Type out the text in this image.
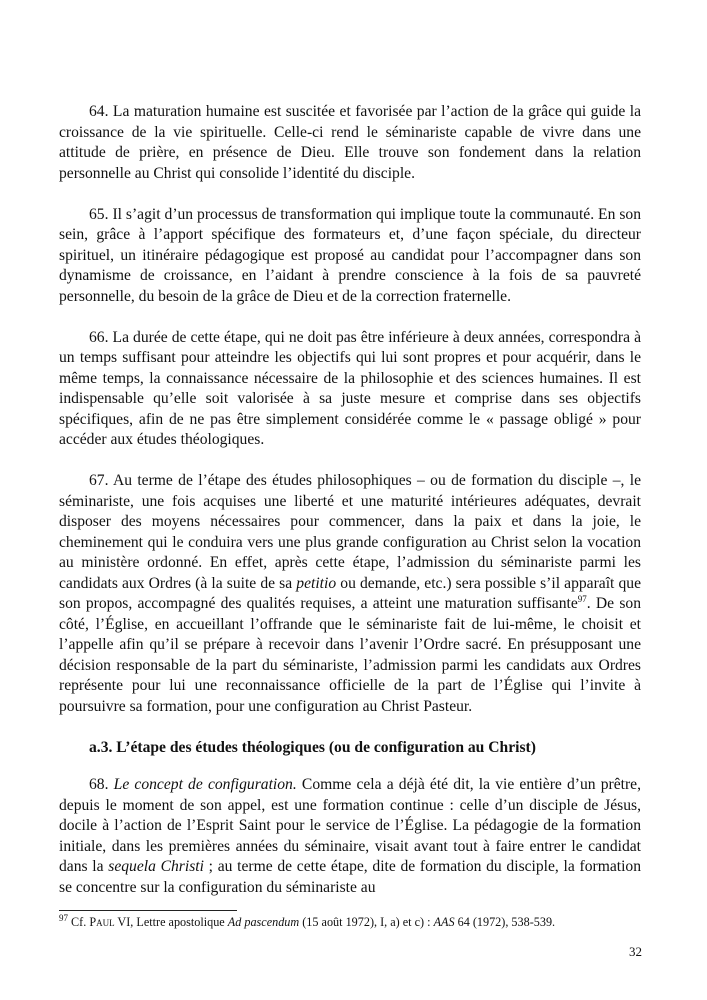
64. La maturation humaine est suscitée et favorisée par l’action de la grâce qui guide la croissance de la vie spirituelle. Celle-ci rend le séminariste capable de vivre dans une attitude de prière, en présence de Dieu. Elle trouve son fondement dans la relation personnelle au Christ qui consolide l’identité du disciple.

65. Il s’agit d’un processus de transformation qui implique toute la communauté. En son sein, grâce à l’apport spécifique des formateurs et, d’une façon spéciale, du directeur spirituel, un itinéraire pédagogique est proposé au candidat pour l’accompagner dans son dynamisme de croissance, en l’aidant à prendre conscience à la fois de sa pauvreté personnelle, du besoin de la grâce de Dieu et de la correction fraternelle.

66. La durée de cette étape, qui ne doit pas être inférieure à deux années, correspondra à un temps suffisant pour atteindre les objectifs qui lui sont propres et pour acquérir, dans le même temps, la connaissance nécessaire de la philosophie et des sciences humaines. Il est indispensable qu’elle soit valorisée à sa juste mesure et comprise dans ses objectifs spécifiques, afin de ne pas être simplement considérée comme le « passage obligé » pour accéder aux études théologiques.

67. Au terme de l’étape des études philosophiques – ou de formation du disciple –, le séminariste, une fois acquises une liberté et une maturité intérieures adéquates, devrait disposer des moyens nécessaires pour commencer, dans la paix et dans la joie, le cheminement qui le conduira vers une plus grande configuration au Christ selon la vocation au ministère ordonné. En effet, après cette étape, l’admission du séminariste parmi les candidats aux Ordres (à la suite de sa petitio ou demande, etc.) sera possible s’il apparaît que son propos, accompagné des qualités requises, a atteint une maturation suffisante$^{97}$. De son côté, l’Église, en accueillant l’offrande que le séminariste fait de lui-même, le choisit et l’appelle afin qu’il se prépare à recevoir dans l’avenir l’Ordre sacré. En présupposant une décision responsable de la part du séminariste, l’admission parmi les candidats aux Ordres représente pour lui une reconnaissance officielle de la part de l’Église qui l’invite à poursuivre sa formation, pour une configuration au Christ Pasteur.

a.3. L’étape des études théologiques (ou de configuration au Christ)

68. Le concept de configuration. Comme cela a déjà été dit, la vie entière d’un prêtre, depuis le moment de son appel, est une formation continue : celle d’un disciple de Jésus, docile à l’action de l’Esprit Saint pour le service de l’Église. La pédagogie de la formation initiale, dans les premières années du séminaire, visait avant tout à faire entrer le candidat dans la sequela Christi ; au terme de cette étape, dite de formation du disciple, la formation se concentre sur la configuration du séminariste au

$^{97}$ Cf. Paul VI, Lettre apostolique Ad pascendum (15 août 1972), I, a) et c) : AAS 64 (1972), 538-539.
32
